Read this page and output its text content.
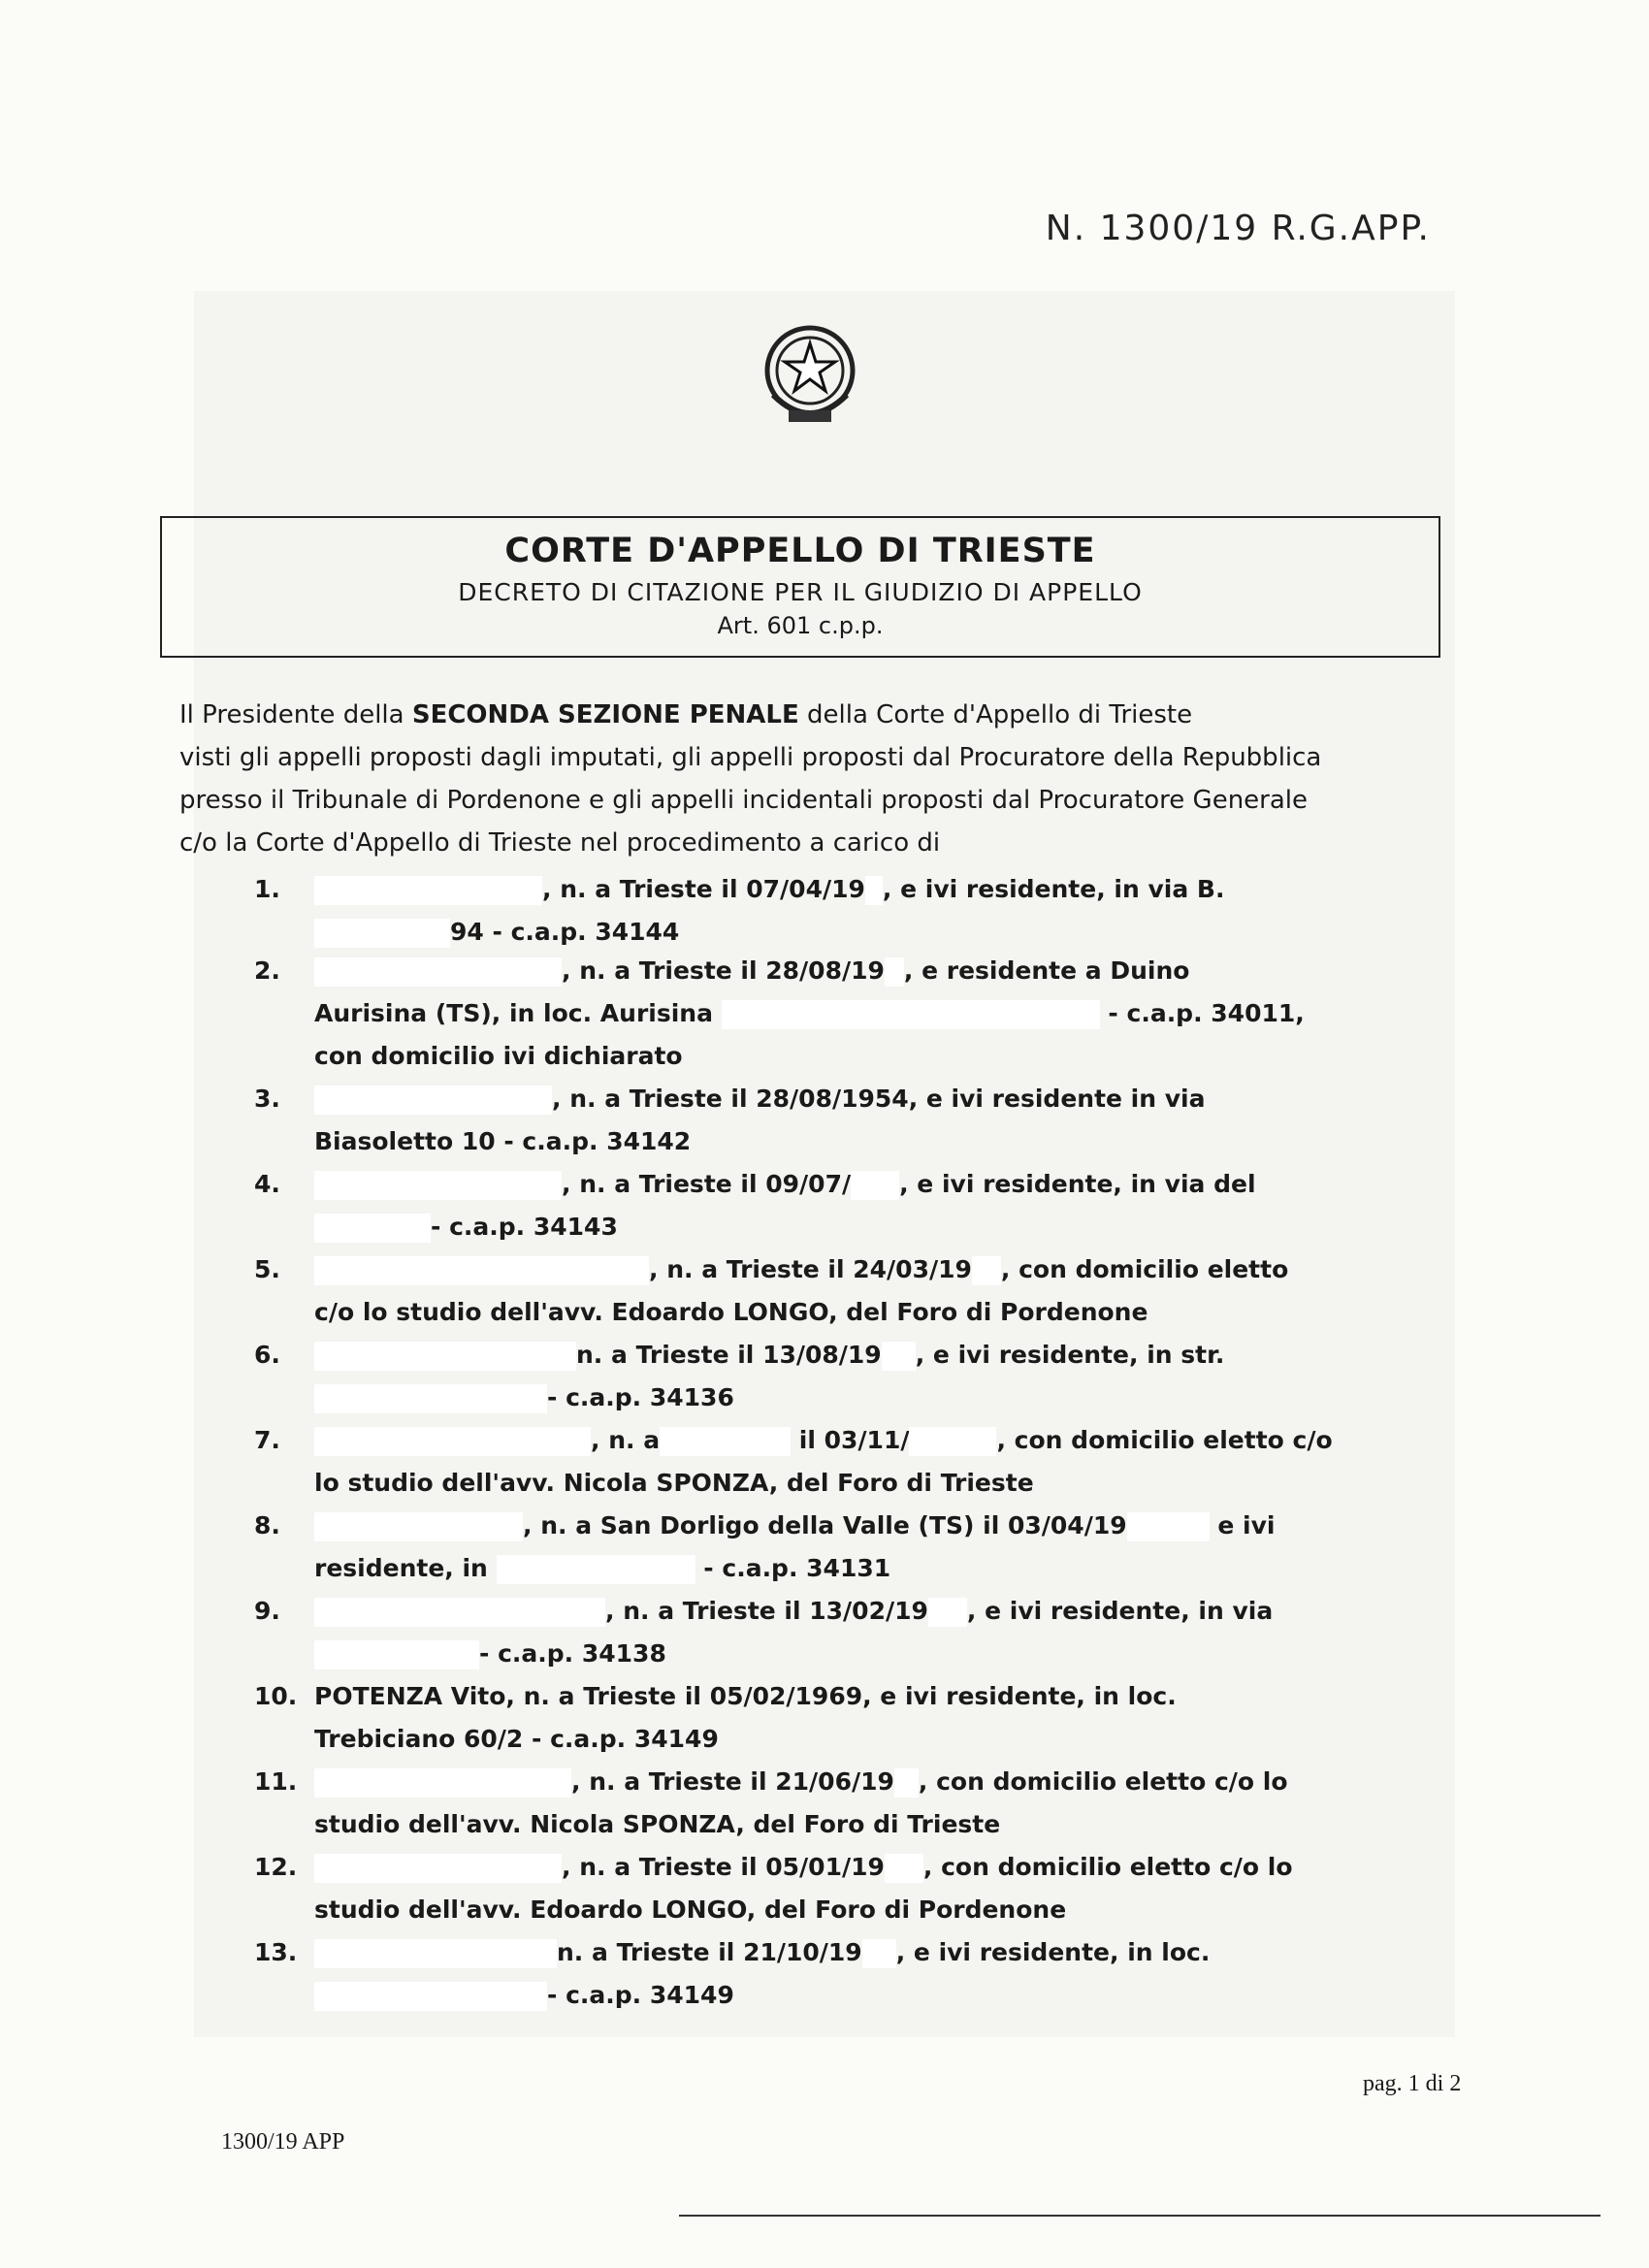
N. 1300/19 R.G.APP.
CORTE D'APPELLO DI TRIESTE
DECRETO DI CITAZIONE PER IL GIUDIZIO DI APPELLO
Art. 601 c.p.p.

Il Presidente della SECONDA SEZIONE PENALE della Corte d'Appello di Trieste

visti gli appelli proposti dagli imputati, gli appelli proposti dal Procuratore della Repubblica

presso il Tribunale di Pordenone e gli appelli incidentali proposti dal Procuratore Generale

c/o la Corte d'Appello di Trieste nel procedimento a carico di

1.	, n. a Trieste il 07/04/19 , e ivi residente, in via B.
94 - c.a.p. 34144
2.	, n. a Trieste il 28/08/19 , e residente a Duino
Aurisina (TS), in loc. Aurisina	- c.a.p. 34011,
con domicilio ivi dichiarato
3.	, n. a Trieste il 28/08/1954, e ivi residente in via
Biasoletto 10 - c.a.p. 34142
4.	, n. a Trieste il 09/07/ , e ivi residente, in via del
- c.a.p. 34143
5.	, n. a Trieste il 24/03/19 , con domicilio eletto
c/o lo studio dell'avv. Edoardo LONGO, del Foro di Pordenone
6.	n. a Trieste il 13/08/19 , e ivi residente, in str.
- c.a.p. 34136
7.	, n. a	il 03/11/	, con domicilio eletto c/o
lo studio dell'avv. Nicola SPONZA, del Foro di Trieste
8.	, n. a San Dorligo della Valle (TS) il 03/04/19	e ivi
residente, in	- c.a.p. 34131
9.	, n. a Trieste il 13/02/19 , e ivi residente, in via
- c.a.p. 34138
10. POTENZA Vito, n. a Trieste il 05/02/1969, e ivi residente, in loc.
Trebiciano 60/2 - c.a.p. 34149
11.	, n. a Trieste il 21/06/19 , con domicilio eletto c/o lo
studio dell'avv. Nicola SPONZA, del Foro di Trieste
12.	, n. a Trieste il 05/01/19 , con domicilio eletto c/o lo
studio dell'avv. Edoardo LONGO, del Foro di Pordenone
13.	n. a Trieste il 21/10/19 , e ivi residente, in loc.
- c.a.p. 34149
pag. 1 di 2
1300/19 APP
